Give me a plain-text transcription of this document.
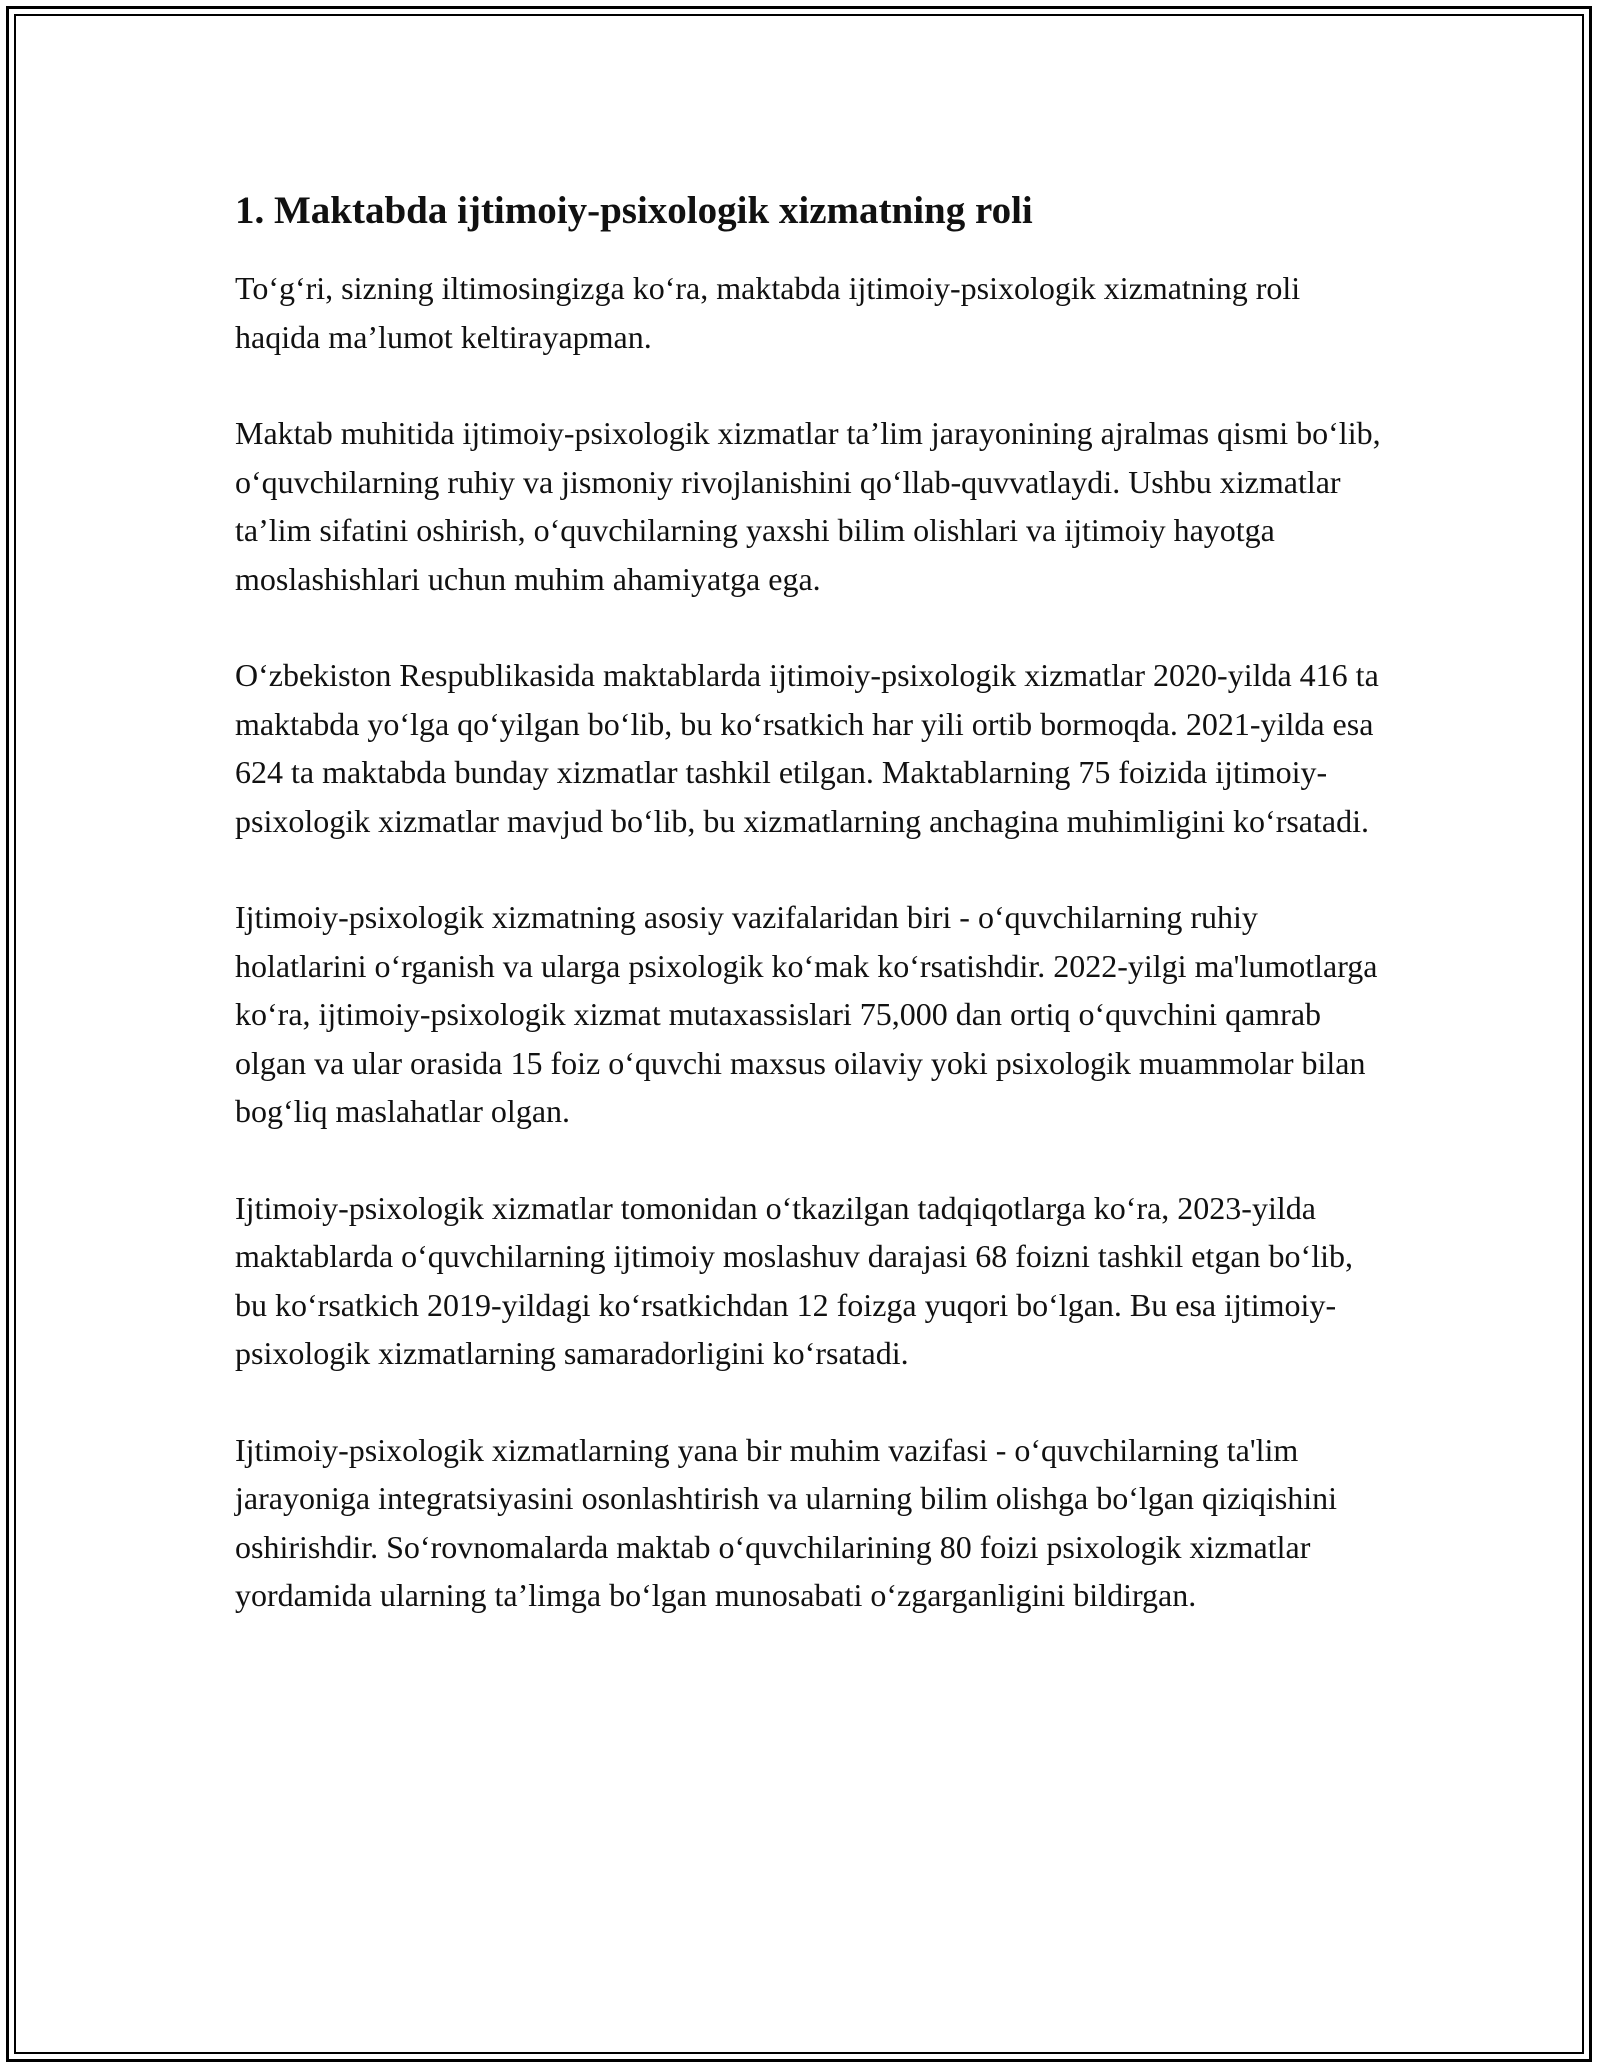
1. Maktabda ijtimoiy-psixologik xizmatning roli

To‘g‘ri, sizning iltimosingizga ko‘ra, maktabda ijtimoiy-psixologik xizmatning roli haqida ma’lumot keltirayapman.

Maktab muhitida ijtimoiy-psixologik xizmatlar ta’lim jarayonining ajralmas qismi bo‘lib, o‘quvchilarning ruhiy va jismoniy rivojlanishini qo‘llab-quvvatlaydi. Ushbu xizmatlar ta’lim sifatini oshirish, o‘quvchilarning yaxshi bilim olishlari va ijtimoiy hayotga moslashishlari uchun muhim ahamiyatga ega.

O‘zbekiston Respublikasida maktablarda ijtimoiy-psixologik xizmatlar 2020-yilda 416 ta maktabda yo‘lga qo‘yilgan bo‘lib, bu ko‘rsatkich har yili ortib bormoqda. 2021-yilda esa 624 ta maktabda bunday xizmatlar tashkil etilgan. Maktablarning 75 foizida ijtimoiy-psixologik xizmatlar mavjud bo‘lib, bu xizmatlarning anchagina muhimligini ko‘rsatadi.

Ijtimoiy-psixologik xizmatning asosiy vazifalaridan biri - o‘quvchilarning ruhiy holatlarini o‘rganish va ularga psixologik ko‘mak ko‘rsatishdir. 2022-yilgi ma'lumotlarga ko‘ra, ijtimoiy-psixologik xizmat mutaxassislari 75,000 dan ortiq o‘quvchini qamrab olgan va ular orasida 15 foiz o‘quvchi maxsus oilaviy yoki psixologik muammolar bilan bog‘liq maslahatlar olgan.

Ijtimoiy-psixologik xizmatlar tomonidan o‘tkazilgan tadqiqotlarga ko‘ra, 2023-yilda maktablarda o‘quvchilarning ijtimoiy moslashuv darajasi 68 foizni tashkil etgan bo‘lib, bu ko‘rsatkich 2019-yildagi ko‘rsatkichdan 12 foizga yuqori bo‘lgan. Bu esa ijtimoiy-psixologik xizmatlarning samaradorligini ko‘rsatadi.

Ijtimoiy-psixologik xizmatlarning yana bir muhim vazifasi - o‘quvchilarning ta'lim jarayoniga integratsiyasini osonlashtirish va ularning bilim olishga bo‘lgan qiziqishini oshirishdir. So‘rovnomalarda maktab o‘quvchilarining 80 foizi psixologik xizmatlar yordamida ularning ta’limga bo‘lgan munosabati o‘zgarganligini bildirgan.
